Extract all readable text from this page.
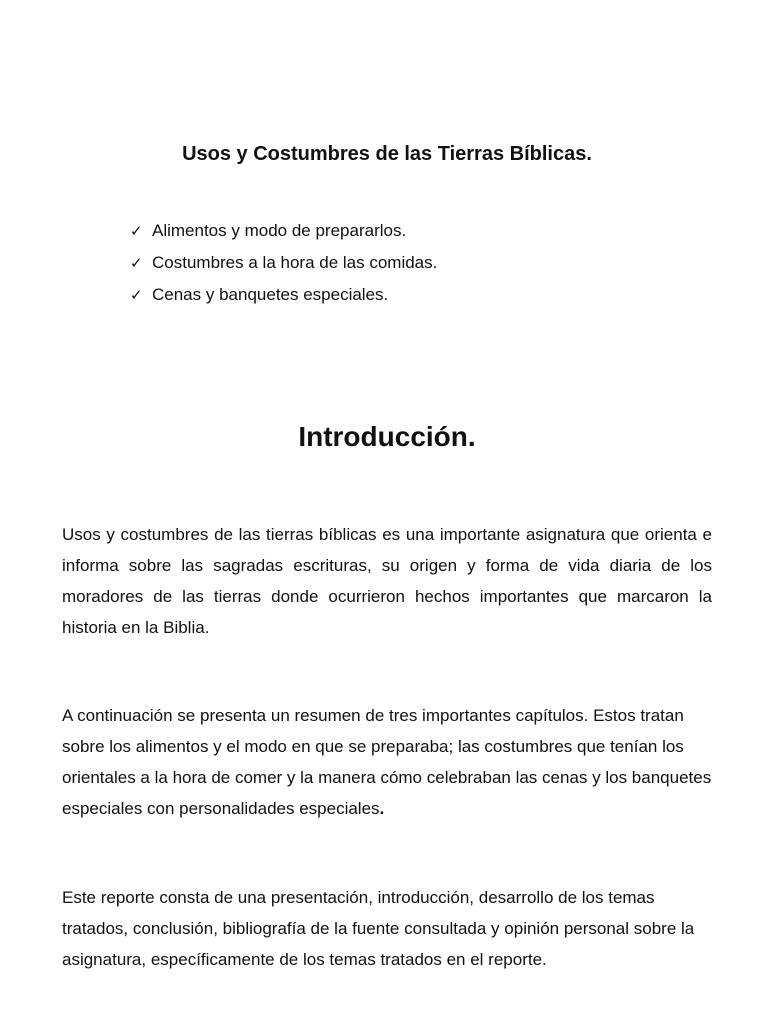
Usos y Costumbres de las Tierras Bíblicas.
✓ Alimentos y modo de prepararlos.
✓ Costumbres a la hora de las comidas.
✓ Cenas y banquetes especiales.
Introducción.

Usos y costumbres de las tierras bíblicas es una importante asignatura que orienta e informa sobre las sagradas escrituras, su origen y forma de vida diaria de los moradores de las tierras donde ocurrieron hechos importantes que marcaron la historia en la Biblia.

A continuación se presenta un resumen de tres importantes capítulos. Estos tratan sobre los alimentos y el modo en que se preparaba; las costumbres que tenían los orientales a la hora de comer y la manera cómo celebraban las cenas y los banquetes especiales con personalidades especiales.

Este reporte consta de una presentación, introducción, desarrollo de los temas tratados, conclusión, bibliografía de la fuente consultada y opinión personal sobre la asignatura, específicamente de los temas tratados en el reporte.
